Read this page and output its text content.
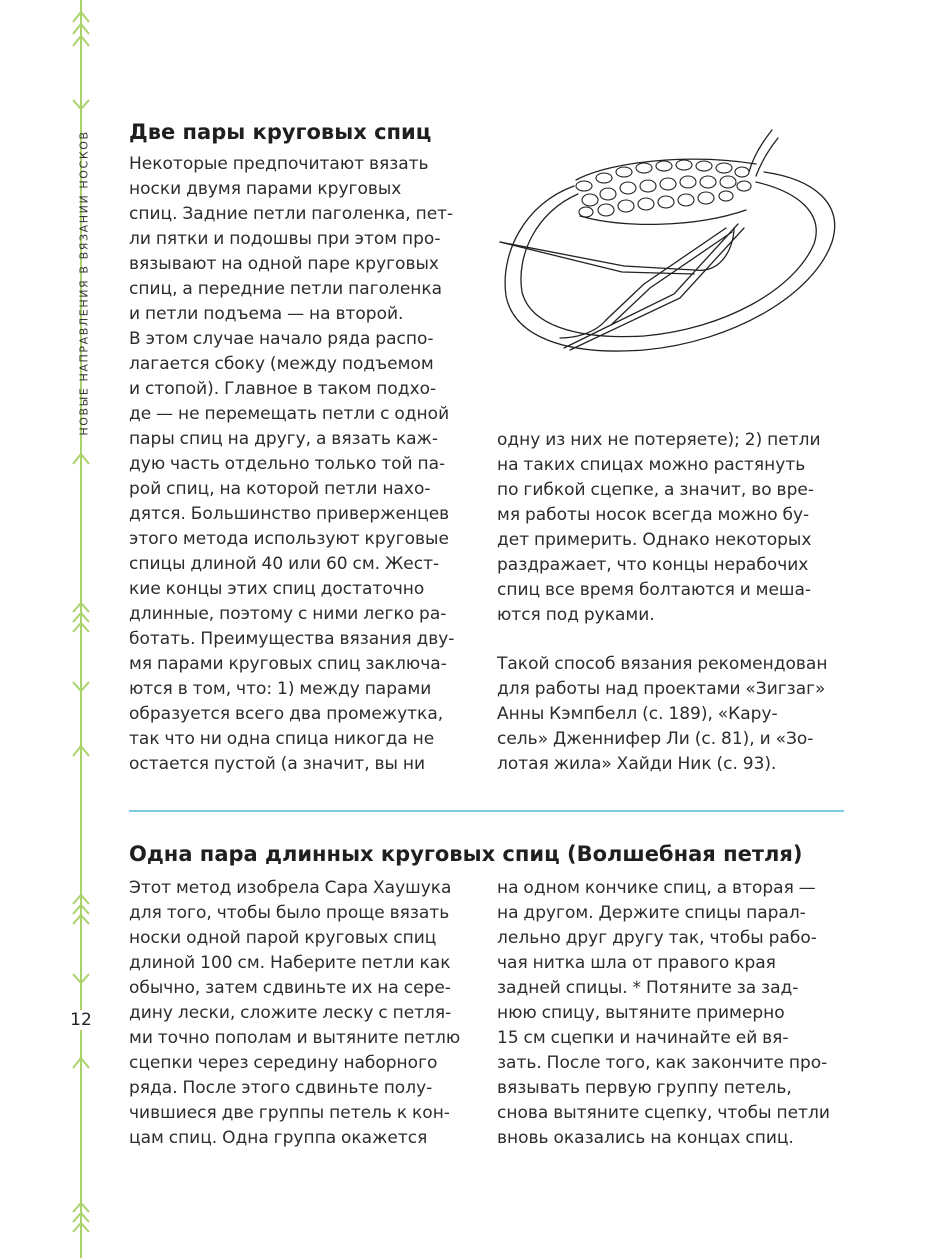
НОВЫЕ НАПРАВЛЕНИЯ В ВЯЗАНИИ НОСКОВ
12
Две пары круговых спиц

Некоторые предпочитают вязать
носки двумя парами круговых
спиц. Задние петли паголенка, пет-
ли пятки и подошвы при этом про-
вязывают на одной паре круговых
спиц, а передние петли паголенка
и петли подъема — на второй.
В этом случае начало ряда распо-
лагается сбоку (между подъемом
и стопой). Главное в таком подхо-
де — не перемещать петли с одной
пары спиц на другу, а вязать каж-
дую часть отдельно только той па-
рой спиц, на которой петли нахо-
дятся. Большинство приверженцев
этого метода используют круговые
спицы длиной 40 или 60 см. Жест-
кие концы этих спиц достаточно
длинные, поэтому с ними легко ра-
ботать. Преимущества вязания дву-
мя парами круговых спиц заключа-
ются в том, что: 1) между парами
образуется всего два промежутка,
так что ни одна спица никогда не
остается пустой (а значит, вы ни

одну из них не потеряете); 2) петли
на таких спицах можно растянуть
по гибкой сцепке, а значит, во вре-
мя работы носок всегда можно бу-
дет примерить. Однако некоторых
раздражает, что концы нерабочих
спиц все время болтаются и меша-
ются под руками.

Такой способ вязания рекомендован
для работы над проектами «Зигзаг»
Анны Кэмпбелл (с. 189), «Кару-
сель» Дженнифер Ли (с. 81), и «Зо-
лотая жила» Хайди Ник (с. 93).

Одна пара длинных круговых спиц (Волшебная петля)

Этот метод изобрела Сара Хаушука
для того, чтобы было проще вязать
носки одной парой круговых спиц
длиной 100 см. Наберите петли как
обычно, затем сдвиньте их на сере-
дину лески, сложите леску с петля-
ми точно пополам и вытяните петлю
сцепки через середину наборного
ряда. После этого сдвиньте полу-
чившиеся две группы петель к кон-
цам спиц. Одна группа окажется

на одном кончике спиц, а вторая —
на другом. Держите спицы парал-
лельно друг другу так, чтобы рабо-
чая нитка шла от правого края
задней спицы. * Потяните за зад-
нюю спицу, вытяните примерно
15 см сцепки и начинайте ей вя-
зать. После того, как закончите про-
вязывать первую группу петель,
снова вытяните сцепку, чтобы петли
вновь оказались на концах спиц.
